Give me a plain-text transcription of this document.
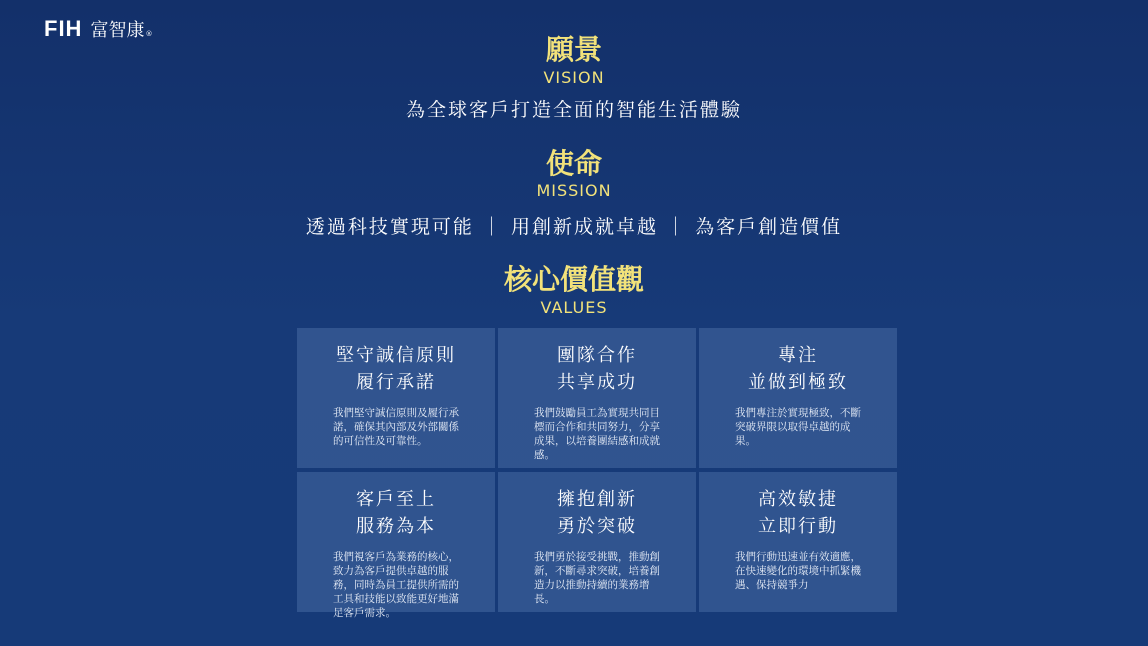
FIH 富智康 ®	願景
VISION
為全球客戶打造全面的智能生活體驗
使命
MISSION
透過科技實現可能 ｜ 用創新成就卓越 ｜ 為客戶創造價值
核心價值觀
VALUES
堅守誠信原則
履行承諾
我們堅守誠信原則及履行承諾，確保其內部及外部關係的可信性及可靠性。
團隊合作
共享成功
我們鼓勵員工為實現共同目標而合作和共同努力，分享成果，以培養團結感和成就感。
專注
並做到極致
我們專注於實現極致，不斷突破界限以取得卓越的成果。
客戶至上
服務為本
我們視客戶為業務的核心，致力為客戶提供卓越的服務，同時為員工提供所需的工具和技能以致能更好地滿足客戶需求。
擁抱創新
勇於突破
我們勇於接受挑戰，推動創新，不斷尋求突破，培養創造力以推動持續的業務增長。
高效敏捷
立即行動
我們行動迅速並有效適應，在快速變化的環境中抓緊機遇、保持競爭力
